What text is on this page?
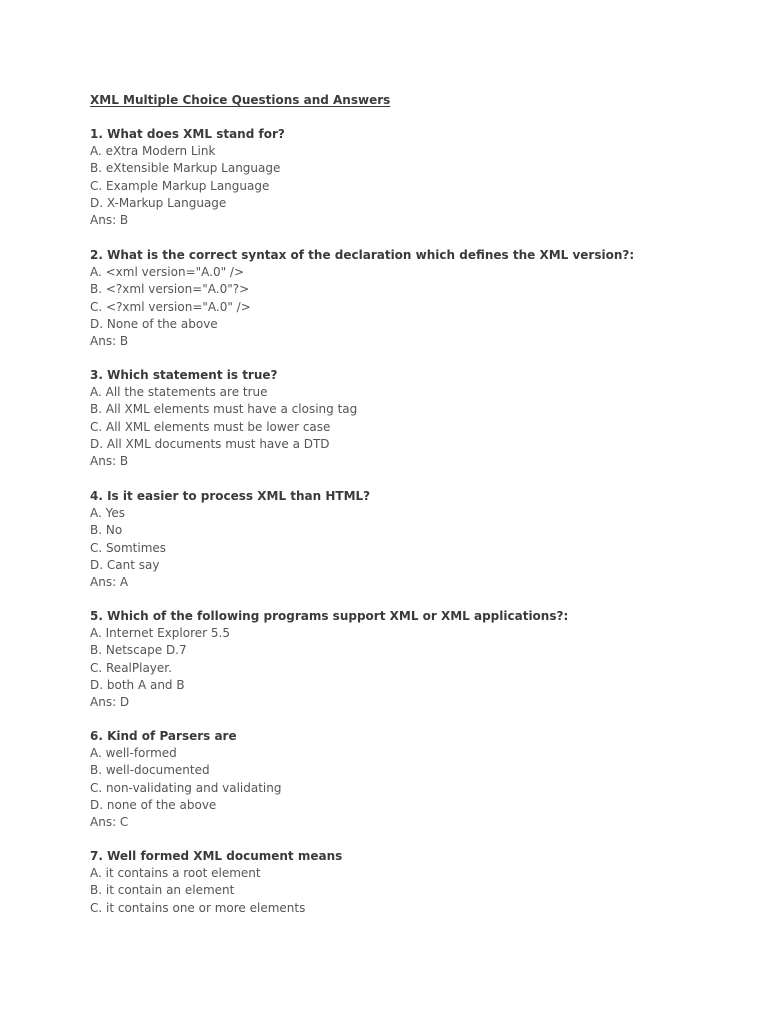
XML Multiple Choice Questions and Answers
1. What does XML stand for?
A. eXtra Modern Link
B. eXtensible Markup Language
C. Example Markup Language
D. X-Markup Language
Ans: B
2. What is the correct syntax of the declaration which defines the XML version?:
A. <xml version="A.0" />
B. <?xml version="A.0"?>
C. <?xml version="A.0" />
D. None of the above
Ans: B
3. Which statement is true?
A. All the statements are true
B. All XML elements must have a closing tag
C. All XML elements must be lower case
D. All XML documents must have a DTD
Ans: B
4. Is it easier to process XML than HTML?
A. Yes
B. No
C. Somtimes
D. Cant say
Ans: A
5. Which of the following programs support XML or XML applications?:
A. Internet Explorer 5.5
B. Netscape D.7
C. RealPlayer.
D. both A and B
Ans: D
6. Kind of Parsers are
A. well-formed
B. well-documented
C. non-validating and validating
D. none of the above
Ans: C
7. Well formed XML document means
A. it contains a root element
B. it contain an element
C. it contains one or more elements
